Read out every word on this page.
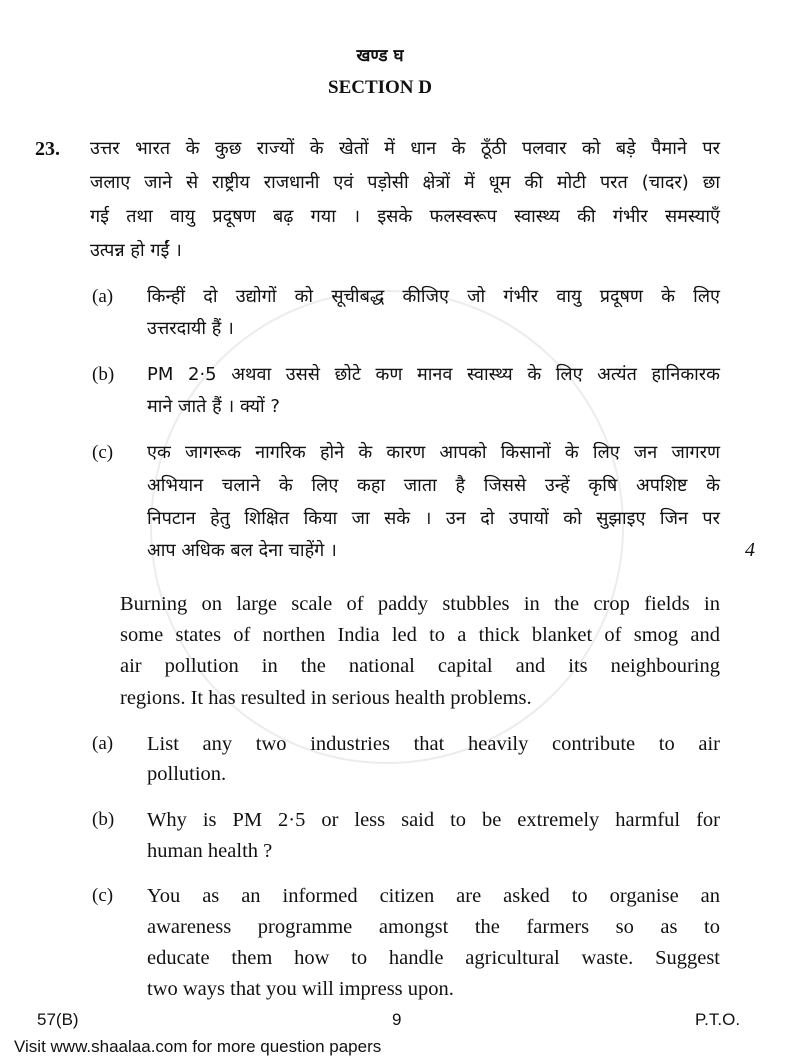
खण्ड घ
SECTION D
23.
4
उत्तर भारत के कुछ राज्यों के खेतों में धान के ठूँठी पलवार को बड़े पैमाने पर
जलाए जाने से राष्ट्रीय राजधानी एवं पड़ोसी क्षेत्रों में धूम की मोटी परत (चादर) छा
गई तथा वायु प्रदूषण बढ़ गया । इसके फलस्वरूप स्वास्थ्य की गंभीर समस्याएँ
उत्पन्न हो गईं ।
(a) किन्हीं दो उद्योगों को सूचीबद्ध कीजिए जो गंभीर वायु प्रदूषण के लिए
उत्तरदायी हैं ।
(b) PM 2·5 अथवा उससे छोटे कण मानव स्वास्थ्य के लिए अत्यंत हानिकारक
माने जाते हैं । क्यों ?
(c) एक जागरूक नागरिक होने के कारण आपको किसानों के लिए जन जागरण
अभियान चलाने के लिए कहा जाता है जिससे उन्हें कृषि अपशिष्ट के
निपटान हेतु शिक्षित किया जा सके । उन दो उपायों को सुझाइए जिन पर
आप अधिक बल देना चाहेंगे ।
Burning on large scale of paddy stubbles in the crop fields in
some states of northen India led to a thick blanket of smog and
air pollution in the national capital and its neighbouring
regions. It has resulted in serious health problems.
(a) List any two industries that heavily contribute to air
pollution.
(b) Why is PM 2·5 or less said to be extremely harmful for
human health ?
(c) You as an informed citizen are asked to organise an
awareness programme amongst the farmers so as to
educate them how to handle agricultural waste. Suggest
two ways that you will impress upon.
57(B)	9	P.T.O.
Visit www.shaalaa.com for more question papers
